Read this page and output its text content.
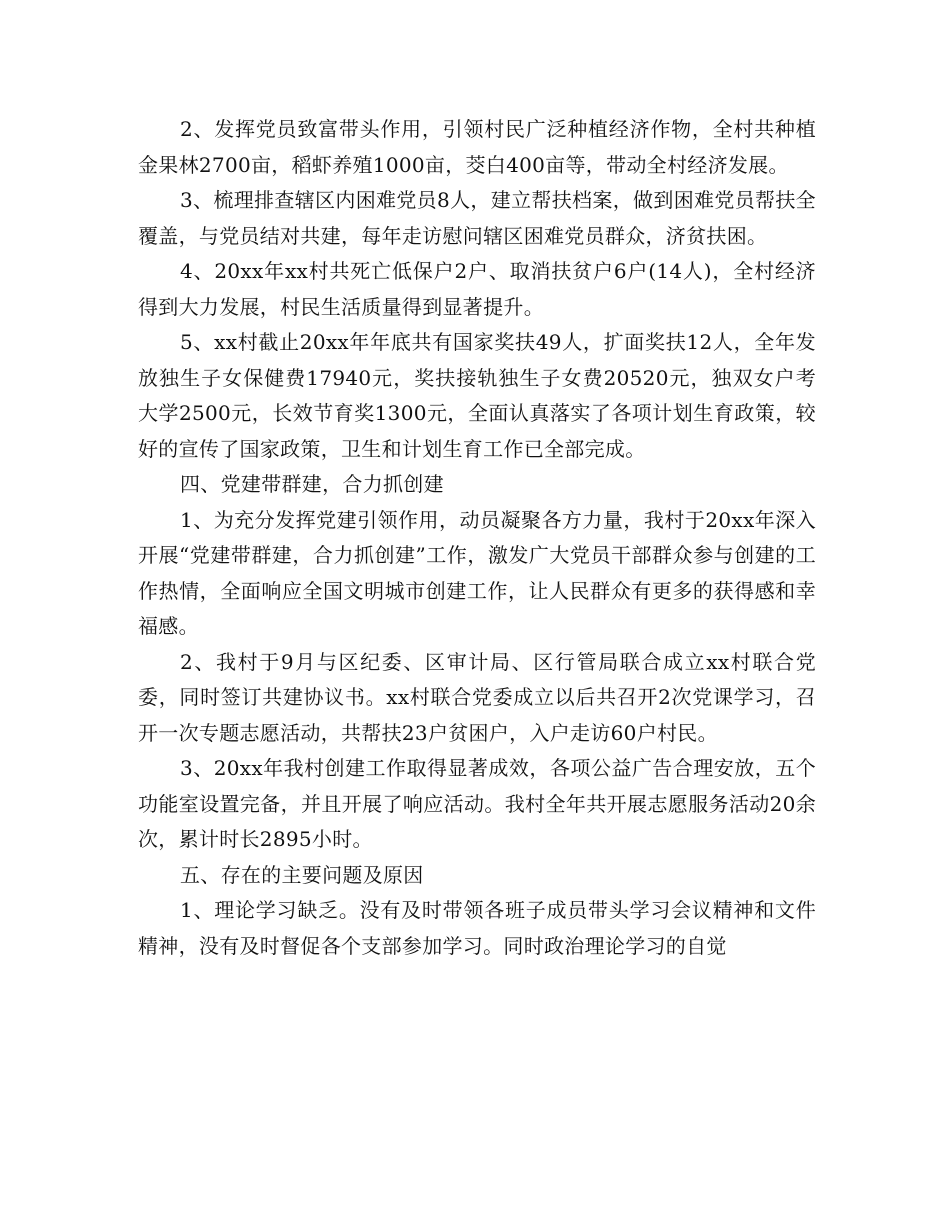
2、发挥党员致富带头作用，引领村民广泛种植经济作物，全村共种植金果林2700亩，稻虾养殖1000亩，茭白400亩等，带动全村经济发展。

3、梳理排查辖区内困难党员8人，建立帮扶档案，做到困难党员帮扶全覆盖，与党员结对共建，每年走访慰问辖区困难党员群众，济贫扶困。

4、20xx年xx村共死亡低保户2户、取消扶贫户6户(14人)，全村经济得到大力发展，村民生活质量得到显著提升。

5、xx村截止20xx年年底共有国家奖扶49人，扩面奖扶12人，全年发放独生子女保健费17940元，奖扶接轨独生子女费20520元，独双女户考大学2500元，长效节育奖1300元，全面认真落实了各项计划生育政策，较好的宣传了国家政策，卫生和计划生育工作已全部完成。

四、党建带群建，合力抓创建

1、为充分发挥党建引领作用，动员凝聚各方力量，我村于20xx年深入开展“党建带群建，合力抓创建”工作，激发广大党员干部群众参与创建的工作热情，全面响应全国文明城市创建工作，让人民群众有更多的获得感和幸福感。

2、我村于9月与区纪委、区审计局、区行管局联合成立xx村联合党委，同时签订共建协议书。xx村联合党委成立以后共召开2次党课学习，召开一次专题志愿活动，共帮扶23户贫困户，入户走访60户村民。

3、20xx年我村创建工作取得显著成效，各项公益广告合理安放，五个功能室设置完备，并且开展了响应活动。我村全年共开展志愿服务活动20余次，累计时长2895小时。

五、存在的主要问题及原因

1、理论学习缺乏。没有及时带领各班子成员带头学习会议精神和文件精神，没有及时督促各个支部参加学习。同时政治理论学习的自觉
